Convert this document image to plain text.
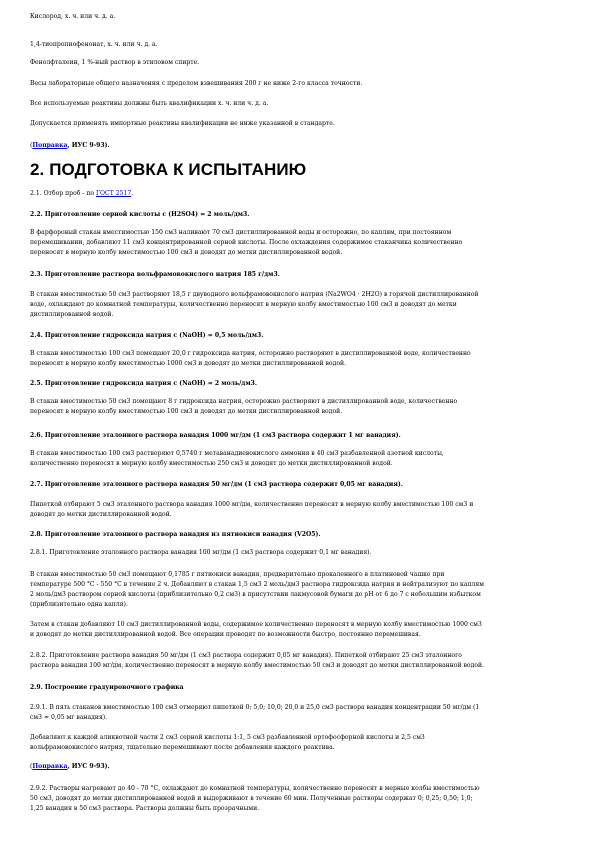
Кислород, х. ч. или ч. д. а.
1,4-тиопропиофенонат, х. ч. или ч. д. а.
Фенолфталеин, 1 %-ный раствор в этиловом спирте.
Весы лабораторные общего назначения с пределом взвешивания 200 г не ниже 2-го класса точности.
Все используемые реактивы должны быть квалификации х. ч. или ч. д. а.
Допускается применять импортные реактивы квалификации не ниже указанной в стандарте.
(Поправка, ИУС 9-93).
2. ПОДГОТОВКА К ИСПЫТАНИЮ
2.1. Отбор проб - по ГОСТ 2517.
2.2. Приготовление серной кислоты с (H2SO4) = 2 моль/дм3.
В фарфоровый стакан вместимостью 150 см3 наливают 70 см3 дистиллированной воды и осторожно, по каплям, при постоянном
перемешивании, добавляют 11 см3 концентрированной серной кислоты. После охлаждения содержимое стаканчика количественно
переносят в мерную колбу вместимостью 100 см3 и доводят до метки дистиллированной водой.
2.3. Приготовление раствора вольфрамовокислого натрия 185 г/дм3.
В стакан вместимостью 50 см3 растворяют 18,5 г двуводного вольфрамовокислого натрия (Na2WO4 · 2H2O) в горячей дистиллированной
воде, охлаждают до комнатной температуры, количественно переносят в мерную колбу вместимостью 100 см3 и доводят до метки
дистиллированной водой.
2.4. Приготовление гидроксида натрия с (NaOH) = 0,5 моль/дм3.
В стакан вместимостью 100 см3 помещают 20,0 г гидроксида натрия, осторожно растворяют в дистиллированной воде, количественно
переносят в мерную колбу вместимостью 1000 см3 и доводят до метки дистиллированной водой.
2.5. Приготовление гидроксида натрия с (NaOH) = 2 моль/дм3.
В стакан вместимостью 50 см3 помещают 8 г гидроксида натрия, осторожно растворяют в дистиллированной воде, количественно
переносят в мерную колбу вместимостью 100 см3 и доводят до метки дистиллированной водой.
2.6. Приготовление эталонного раствора ванадия 1000 мг/дм (1 см3 раствора содержит 1 мг ванадия).
В стакан вместимостью 100 см3 растворяют 0,5740 г метаванадиевокислого аммония в 40 см3 разбавленной азотной кислоты,
количественно переносят в мерную колбу вместимостью 250 см3 и доводят до метки дистиллированной водой.
2.7. Приготовление эталонного раствора ванадия 50 мг/дм (1 см3 раствора содержит 0,05 мг ванадия).
Пипеткой отбирают 5 см3 эталонного раствора ванадия 1000 мг/дм, количественно переносят в мерную колбу вместимостью 100 см3 и
доводят до метки дистиллированной водой.
2.8. Приготовление эталонного раствора ванадия из пятиокиси ванадия (V2O5).
2.8.1. Приготовление эталонного раствора ванадия 100 мг/дм (1 см3 раствора содержит 0,1 мг ванадия).
В стакан вместимостью 50 см3 помещают 0,1785 г пятиокиси ванадия, предварительно прокаленного в платиновой чашке при
температуре 500 °С - 550 °С в течение 2 ч. Добавляют в стакан 1,5 см3 2 моль/дм3 раствора гидроксида натрия и нейтрализуют по каплям
2 моль/дм3 раствором серной кислоты (приблизительно 0,2 см3) в присутствии лакмусовой бумаги до рН от 6 до 7 с небольшим избытком
(приблизительно одна капля).
Затем в стакан добавляют 10 см3 дистиллированной воды, содержимое количественно переносят в мерную колбу вместимостью 1000 см3
и доводят до метки дистиллированной водой. Все операции проводят по возможности быстро, постоянно перемешивая.
2.8.2. Приготовление раствора ванадия 50 мг/дм (1 см3 раствора содержит 0,05 мг ванадия). Пипеткой отбирают 25 см3 эталонного
раствора ванадия 100 мг/дм, количественно переносят в мерную колбу вместимостью 50 см3 и доводят до метки дистиллированной водой.
2.9. Построение градуировочного графика
2.9.1. В пять стаканов вместимостью 100 см3 отмеряют пипеткой 0; 5,0; 10,0; 20,0 и 25,0 см3 раствора ванадия концентрации 50 мг/дм (1
см3 = 0,05 мг ванадия).
Добавляют к каждой аликвотной части 2 см3 серной кислоты 1:1, 5 см3 разбавленной ортофосфорной кислоты и 2,5 см3
вольфрамовокислого натрия, тщательно перемешивают после добавления каждого реактива.
(Поправка, ИУС 9-93).
2.9.2. Растворы нагревают до 40 - 70 °С, охлаждают до комнатной температуры, количественно переносят в мерные колбы вместимостью
50 см3, доводят до метки дистиллированной водой и выдерживают в течение 60 мин. Полученные растворы содержат 0; 0,25; 0,50; 1,0;
1,25 ванадия в 50 см3 раствора. Растворы должны быть прозрачными.
